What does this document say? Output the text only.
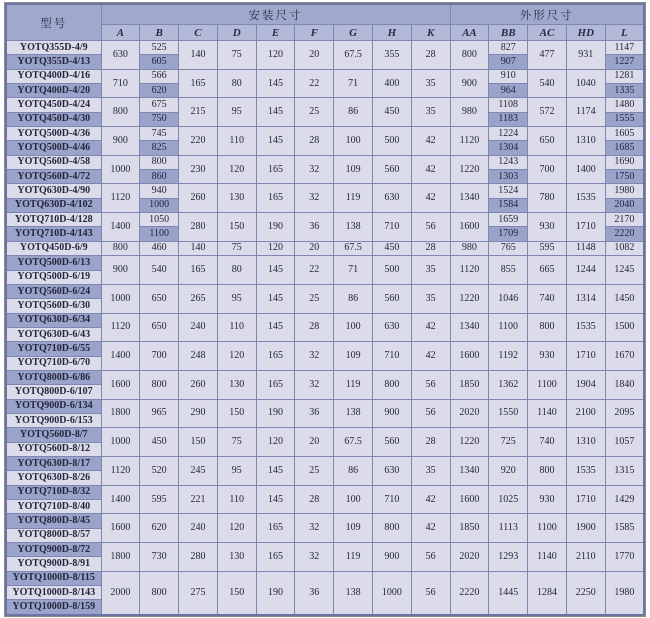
型号	安装尺寸									外形尺寸				
	A	B	C	D	E	F	G	H	K	AA	BB	AC	HD	L
YOTQ355D-4/9	630	525	140	75	120	20	67.5	355	28	800	827	477	931	1147
YOTQ355D-4/13		605									907			1227
YOTQ400D-4/16	710	566	165	80	145	22	71	400	35	900	910	540	1040	1281
YOTQ400D-4/20		620									964			1335
YOTQ450D-4/24	800	675	215	95	145	25	86	450	35	980	1108	572	1174	1480
YOTQ450D-4/30		750									1183			1555
YOTQ500D-4/36	900	745	220	110	145	28	100	500	42	1120	1224	650	1310	1605
YOTQ500D-4/46		825									1304			1685
YOTQ560D-4/58	1000	800	230	120	165	32	109	560	42	1220	1243	700	1400	1690
YOTQ560D-4/72		860									1303			1750
YOTQ630D-4/90	1120	940	260	130	165	32	119	630	42	1340	1524	780	1535	1980
YOTQ630D-4/102		1000									1584			2040
YOTQ710D-4/128	1400	1050	280	150	190	36	138	710	56	1600	1659	930	1710	2170
YOTQ710D-4/143		1100									1709			2220
YOTQ450D-6/9	800	460	140	75	120	20	67.5	450	28	980	765	595	1148	1082
YOTQ500D-6/13	900	540	165	80	145	22	71	500	35	1120	855	665	1244	1245
YOTQ500D-6/19														
YOTQ560D-6/24	1000	650	265	95	145	25	86	560	35	1220	1046	740	1314	1450
YOTQ560D-6/30														
YOTQ630D-6/34	1120	650	240	110	145	28	100	630	42	1340	1100	800	1535	1500
YOTQ630D-6/43														
YOTQ710D-6/55	1400	700	248	120	165	32	109	710	42	1600	1192	930	1710	1670
YOTQ710D-6/70														
YOTQ800D-6/86	1600	800	260	130	165	32	119	800	56	1850	1362	1100	1904	1840
YOTQ800D-6/107														
YOTQ900D-6/134	1800	965	290	150	190	36	138	900	56	2020	1550	1140	2100	2095
YOTQ900D-6/153														
YOTQ560D-8/7	1000	450	150	75	120	20	67.5	560	28	1220	725	740	1310	1057
YOTQ560D-8/12														
YOTQ630D-8/17	1120	520	245	95	145	25	86	630	35	1340	920	800	1535	1315
YOTQ630D-8/26														
YOTQ710D-8/32	1400	595	221	110	145	28	100	710	42	1600	1025	930	1710	1429
YOTQ710D-8/40														
YOTQ800D-8/45	1600	620	240	120	165	32	109	800	42	1850	1113	1100	1900	1585
YOTQ800D-8/57														
YOTQ900D-8/72	1800	730	280	130	165	32	119	900	56	2020	1293	1140	2110	1770
YOTQ900D-8/91														
YOTQ1000D-8/115	2000	800	275	150	190	36	138	1000	56	2220	1445	1284	2250	1980
YOTQ1000D-8/143														
YOTQ1000D-8/159														
